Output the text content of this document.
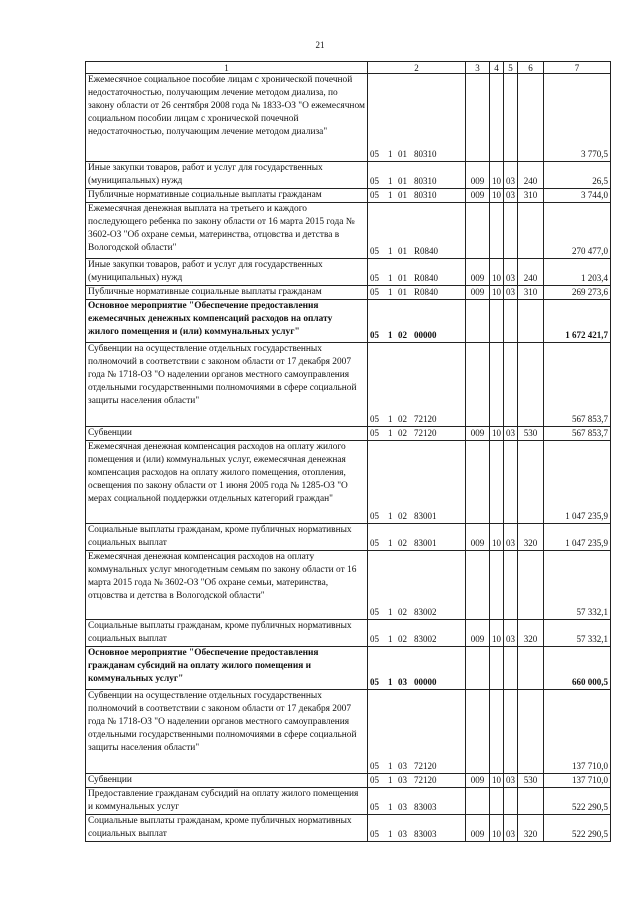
21
1	2	3	4	5	6	7
Ежемесячное социальное пособие лицам с хронической почечной недостаточностью, получающим лечение методом диализа, по закону области от 26 сентября 2008 года № 1833-ОЗ "О ежемесячном социальном пособии лицам с хронической почечной недостаточностью, получающим лечение методом диализа"	05 1 01 80310					3 770,5
Иные закупки товаров, работ и услуг для государственных (муниципальных) нужд	05 1 01 80310	009	10	03	240	26,5
Публичные нормативные социальные выплаты гражданам	05 1 01 80310	009	10	03	310	3 744,0
Ежемесячная денежная выплата на третьего и каждого последующего ребенка по закону области от 16 марта 2015 года № 3602-ОЗ "Об охране семьи, материнства, отцовства и детства в Вологодской области"	05 1 01 R0840					270 477,0
Иные закупки товаров, работ и услуг для государственных (муниципальных) нужд	05 1 01 R0840	009	10	03	240	1 203,4
Публичные нормативные социальные выплаты гражданам	05 1 01 R0840	009	10	03	310	269 273,6
Основное мероприятие "Обеспечение предоставления ежемесячных денежных компенсаций расходов на оплату жилого помещения и (или) коммунальных услуг"	05 1 02 00000					1 672 421,7
Субвенции на осуществление отдельных государственных полномочий в соответствии с законом области от 17 декабря 2007 года № 1718-ОЗ "О наделении органов местного самоуправления отдельными государственными полномочиями в сфере социальной защиты населения области"	05 1 02 72120					567 853,7
Субвенции	05 1 02 72120	009	10	03	530	567 853,7
Ежемесячная денежная компенсация расходов на оплату жилого помещения и (или) коммунальных услуг, ежемесячная денежная компенсация расходов на оплату жилого помещения, отопления, освещения по закону области от 1 июня 2005 года № 1285-ОЗ "О мерах социальной поддержки отдельных категорий граждан"	05 1 02 83001					1 047 235,9
Социальные выплаты гражданам, кроме публичных нормативных социальных выплат	05 1 02 83001	009	10	03	320	1 047 235,9
Ежемесячная денежная компенсация расходов на оплату коммунальных услуг многодетным семьям по закону области от 16 марта 2015 года № 3602-ОЗ "Об охране семьи, материнства, отцовства и детства в Вологодской области"	05 1 02 83002					57 332,1
Социальные выплаты гражданам, кроме публичных нормативных социальных выплат	05 1 02 83002	009	10	03	320	57 332,1
Основное мероприятие "Обеспечение предоставления гражданам субсидий на оплату жилого помещения и коммунальных услуг"	05 1 03 00000					660 000,5
Субвенции на осуществление отдельных государственных полномочий в соответствии с законом области от 17 декабря 2007 года № 1718-ОЗ "О наделении органов местного самоуправления отдельными государственными полномочиями в сфере социальной защиты населения области"	05 1 03 72120					137 710,0
Субвенции	05 1 03 72120	009	10	03	530	137 710,0
Предоставление гражданам субсидий на оплату жилого помещения и коммунальных услуг	05 1 03 83003					522 290,5
Социальные выплаты гражданам, кроме публичных нормативных социальных выплат	05 1 03 83003	009	10	03	320	522 290,5
